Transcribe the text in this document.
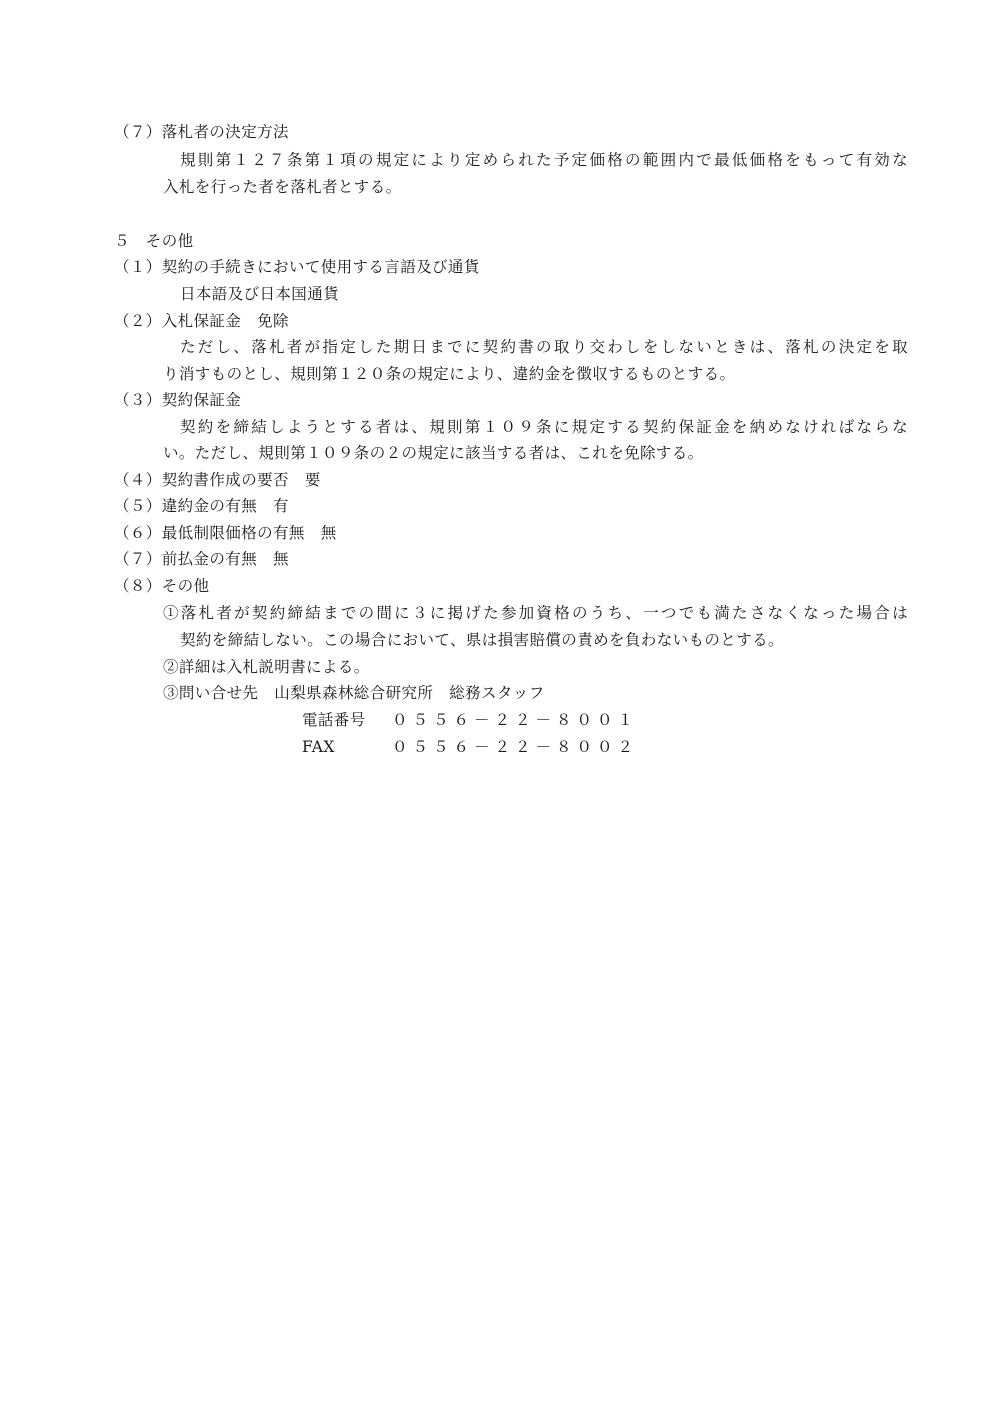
（７）落札者の決定方法
規則第１２７条第１項の規定により定められた予定価格の範囲内で最低価格をもって有効な
入札を行った者を落札者とする。
５　その他
（１）契約の手続きにおいて使用する言語及び通貨
日本語及び日本国通貨
（２）入札保証金　免除
ただし、落札者が指定した期日までに契約書の取り交わしをしないときは、落札の決定を取
り消すものとし、規則第１２０条の規定により、違約金を徴収するものとする。
（３）契約保証金
契約を締結しようとする者は、規則第１０９条に規定する契約保証金を納めなければならな
い。ただし、規則第１０９条の２の規定に該当する者は、これを免除する。
（４）契約書作成の要否　要
（５）違約金の有無　有
（６）最低制限価格の有無　無
（７）前払金の有無　無
（８）その他
①落札者が契約締結までの間に３に掲げた参加資格のうち、一つでも満たさなくなった場合は
契約を締結しない。この場合において、県は損害賠償の責めを負わないものとする。
②詳細は入札説明書による。
③問い合せ先　山梨県森林総合研究所　総務スタッフ
電話番号 ０５５６－２２－８００１
FAX	０５５６－２２－８００２
